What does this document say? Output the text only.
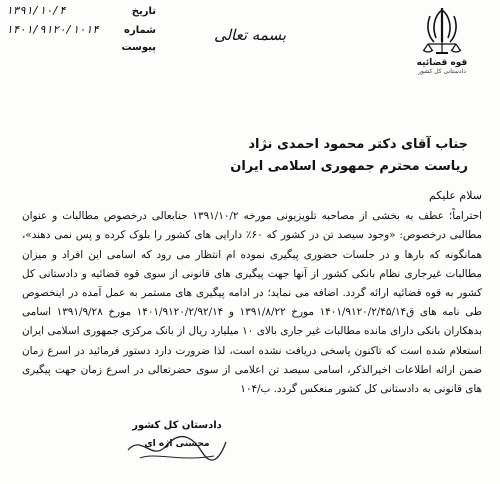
قوه قضائیه
دادستانی کل کشور
بسمه تعالی
تاریخ
۱۳۹۱/۱۰/۴
شماره
۱۴۰۱/۹۱۲۰/۱۰۱۴
پیوست
جناب آقای دکتر محمود احمدی نژاد
ریاست محترم جمهوری اسلامی ایران

سلام علیکم

احتراماً؛ عطف به بخشی از مصاحبه تلویزیونی مورخه ۱۳۹۱/۱۰/۲ جنابعالی درخصوص مطالبات و عنوان مطالبی درخصوص: «وجود سیصد تن در کشور که ۶۰٪ دارایی های کشور را بلوک کرده و پس نمی دهند»، همانگونه که بارها و در جلسات حضوری پیگیری نموده ام انتظار می رود که اسامی این افراد و میزان مطالبات غیرجاری نظام بانکی کشور از آنها جهت پیگیری های قانونی از سوی قوه قضائیه و دادستانی کل کشور به قوه قضائیه ارائه گردد. اضافه می نماید؛ در ادامه پیگیری های مستمر به عمل آمده در اینخصوص طی نامه های ق۱۴۰۱/۹۱۲۰/۲/۴۵/۱۴ مورخ ۱۳۹۱/۸/۲۲ و ۱۴۰۱/۹۱۲۰/۲/۹۲/۱۴ مورخ ۱۳۹۱/۹/۲۸ اسامی بدهکاران بانکی دارای مانده مطالبات غیر جاری بالای ۱۰ میلیارد ریال از بانک مرکزی جمهوری اسلامی ایران استعلام شده است که تاکنون پاسخی دریافت نشده است، لذا ضرورت دارد دستور فرمائید در اسرع زمان ضمن ارائه اطلاعات اخیرالذکر، اسامی سیصد تن اعلامی از سوی حضرتعالی در اسرع زمان جهت پیگیری های قانونی به دادستانی کل کشور منعکس گردد. ب/۱۰۴

دادستان کل کشور
محسنی اژه ای
